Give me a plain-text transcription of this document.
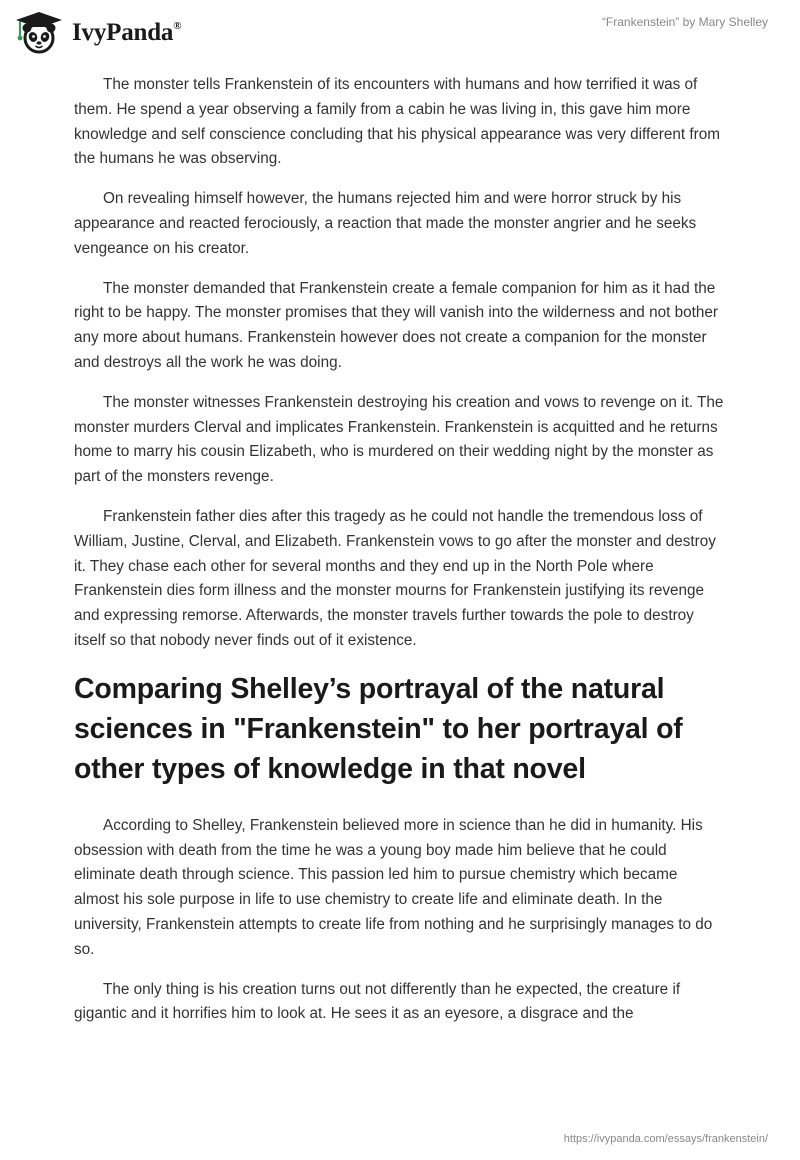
IvyPanda®	“Frankenstein” by Mary Shelley

The monster tells Frankenstein of its encounters with humans and how terrified it was of them. He spend a year observing a family from a cabin he was living in, this gave him more knowledge and self conscience concluding that his physical appearance was very different from the humans he was observing.

On revealing himself however, the humans rejected him and were horror struck by his appearance and reacted ferociously, a reaction that made the monster angrier and he seeks vengeance on his creator.

The monster demanded that Frankenstein create a female companion for him as it had the right to be happy. The monster promises that they will vanish into the wilderness and not bother any more about humans. Frankenstein however does not create a companion for the monster and destroys all the work he was doing.

The monster witnesses Frankenstein destroying his creation and vows to revenge on it. The monster murders Clerval and implicates Frankenstein. Frankenstein is acquitted and he returns home to marry his cousin Elizabeth, who is murdered on their wedding night by the monster as part of the monsters revenge.

Frankenstein father dies after this tragedy as he could not handle the tremendous loss of William, Justine, Clerval, and Elizabeth. Frankenstein vows to go after the monster and destroy it. They chase each other for several months and they end up in the North Pole where Frankenstein dies form illness and the monster mourns for Frankenstein justifying its revenge and expressing remorse. Afterwards, the monster travels further towards the pole to destroy itself so that nobody never finds out of it existence.

Comparing Shelley’s portrayal of the natural sciences in "Frankenstein" to her portrayal of other types of knowledge in that novel

According to Shelley, Frankenstein believed more in science than he did in humanity. His obsession with death from the time he was a young boy made him believe that he could eliminate death through science. This passion led him to pursue chemistry which became almost his sole purpose in life to use chemistry to create life and eliminate death. In the university, Frankenstein attempts to create life from nothing and he surprisingly manages to do so.

The only thing is his creation turns out not differently than he expected, the creature if gigantic and it horrifies him to look at. He sees it as an eyesore, a disgrace and the

https://ivypanda.com/essays/frankenstein/
